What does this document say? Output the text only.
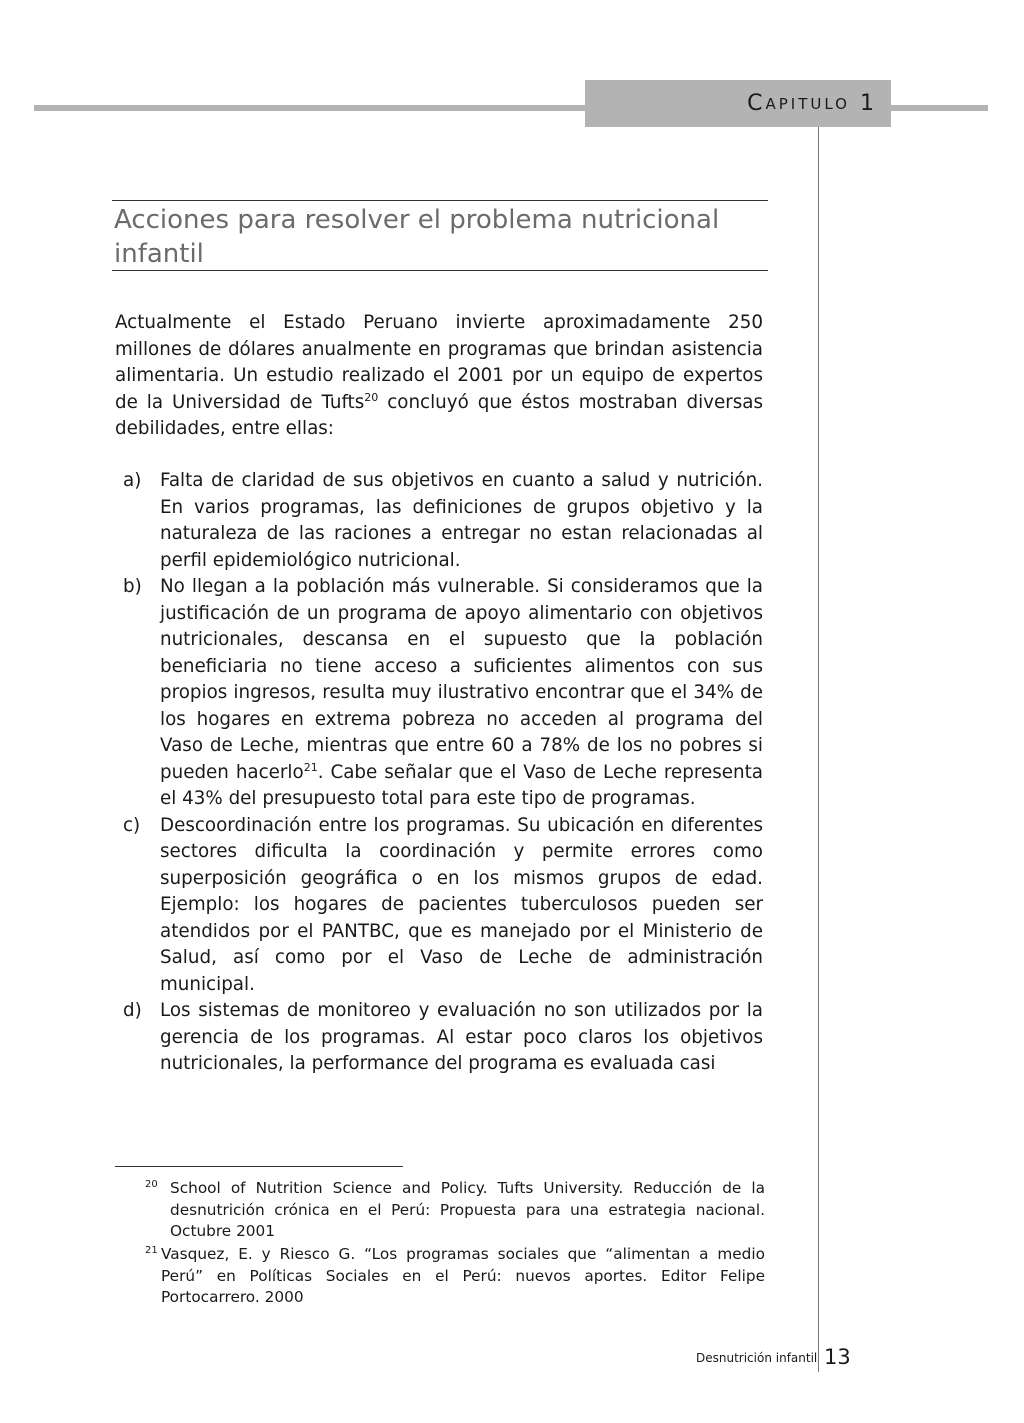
C APITULO
1
Acciones para resolver el problema nutricional infantil
Actualmente el Estado Peruano invierte aproximadamente 250 millones de dólares anualmente en programas que brindan asistencia alimentaria. Un estudio realizado el 2001 por un equipo de expertos de la Universidad de Tufts$^{20}$ concluyó que éstos mostraban diversas debilidades, entre ellas:
a) Falta de claridad de sus objetivos en cuanto a salud y nutrición. En varios programas, las definiciones de grupos objetivo y la naturaleza de las raciones a entregar no estan relacionadas al perfil epidemiológico nutricional.
b) No llegan a la población más vulnerable. Si consideramos que la justificación de un programa de apoyo alimentario con objetivos nutricionales, descansa en el supuesto que la población beneficiaria no tiene acceso a suficientes alimentos con sus propios ingresos, resulta muy ilustrativo encontrar que el 34% de los hogares en extrema pobreza no acceden al programa del Vaso de Leche, mientras que entre 60 a 78% de los no pobres si pueden hacerlo$^{21}$. Cabe señalar que el Vaso de Leche representa el 43% del presupuesto total para este tipo de programas.
c) Descoordinación entre los programas. Su ubicación en diferentes sectores dificulta la coordinación y permite errores como superposición geográfica o en los mismos grupos de edad. Ejemplo: los hogares de pacientes tuberculosos pueden ser atendidos por el PANTBC, que es manejado por el Ministerio de Salud, así como por el Vaso de Leche de administración municipal.
d) Los sistemas de monitoreo y evaluación no son utilizados por la gerencia de los programas. Al estar poco claros los objetivos nutricionales, la performance del programa es evaluada casi
20 School of Nutrition Science and Policy. Tufts University. Reducción de la desnutrición crónica en el Perú: Propuesta para una estrategia nacional. Octubre 2001
21 Vasquez, E. y Riesco G. “Los programas sociales que “alimentan a medio Perú” en Políticas Sociales en el Perú: nuevos aportes. Editor Felipe Portocarrero. 2000
Desnutrición infantil 13
